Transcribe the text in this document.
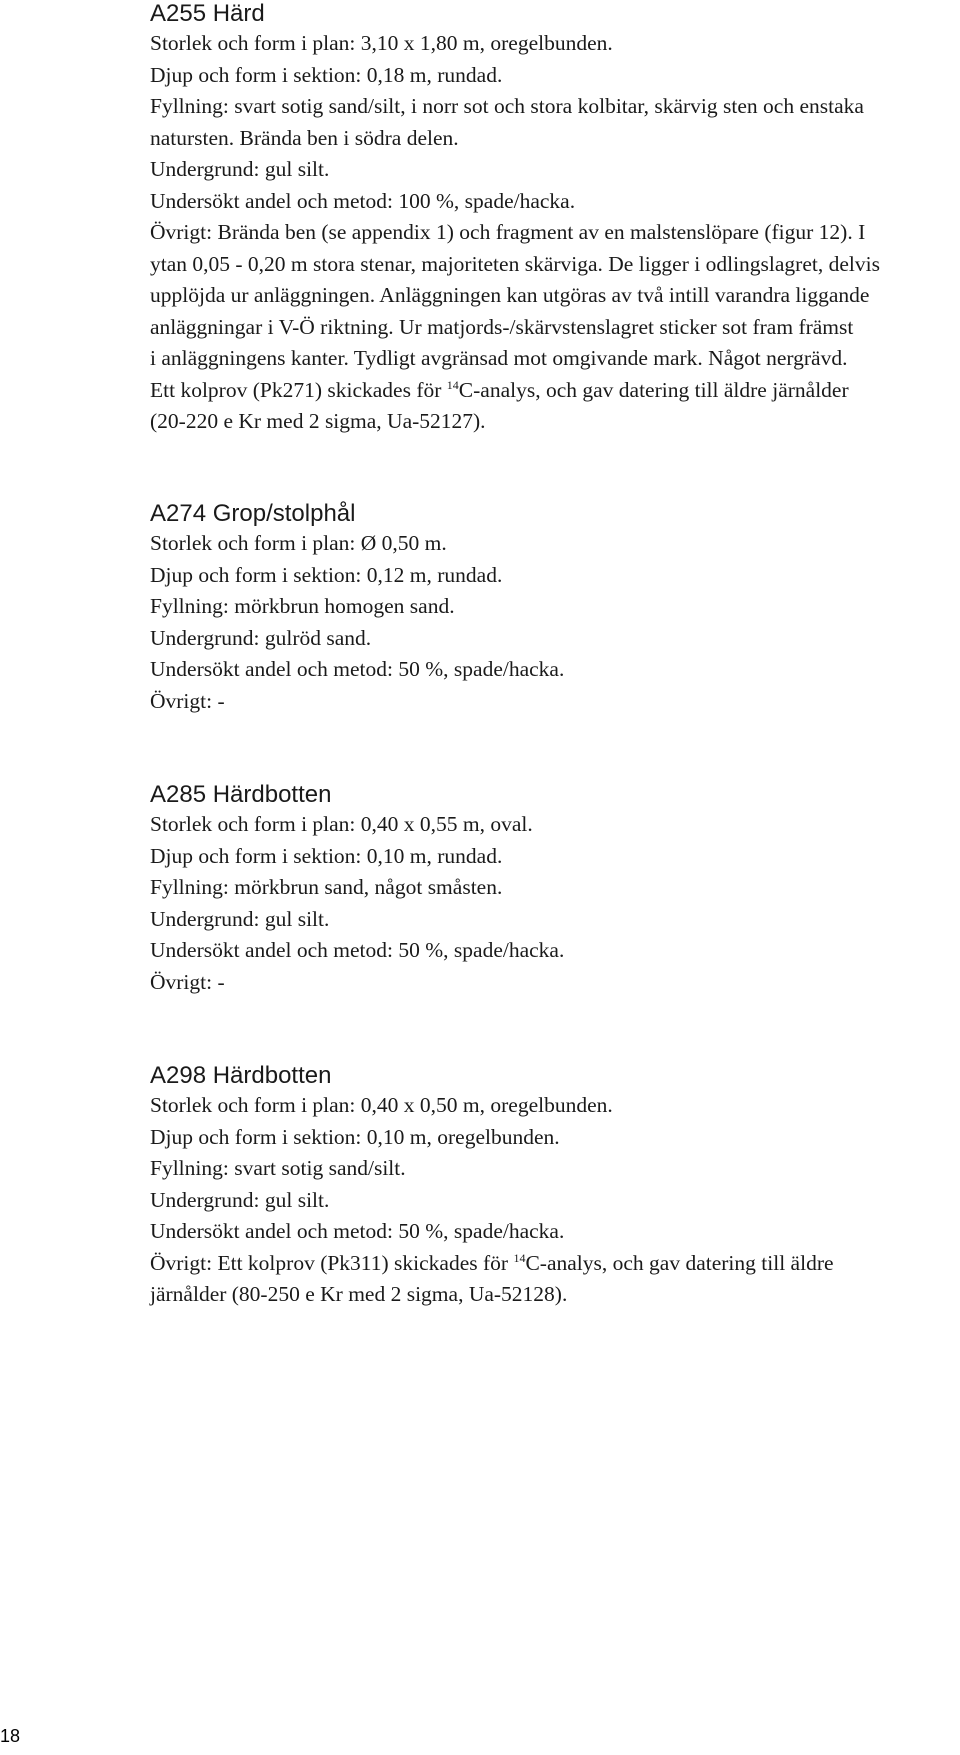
A255 Härd
Storlek och form i plan: 3,10 x 1,80 m, oregelbunden.
Djup och form i sektion: 0,18 m, rundad.
Fyllning: svart sotig sand/silt, i norr sot och stora kolbitar, skärvig sten och enstaka
natursten. Brända ben i södra delen.
Undergrund: gul silt.
Undersökt andel och metod: 100 %, spade/hacka.
Övrigt: Brända ben (se appendix 1) och fragment av en malstenslöpare (figur 12). I
ytan 0,05 - 0,20 m stora stenar, majoriteten skärviga. De ligger i odlingslagret, delvis
upplöjda ur anläggningen. Anläggningen kan utgöras av två intill varandra liggande
anläggningar i V-Ö riktning. Ur matjords-/skärvstenslagret sticker sot fram främst
i anläggningens kanter. Tydligt avgränsad mot omgivande mark. Något nergrävd.
Ett kolprov (Pk271) skickades för $^{14}$C-analys, och gav datering till äldre järnålder
(20-220 e Kr med 2 sigma, Ua-52127).
A274 Grop/stolphål
Storlek och form i plan: Ø 0,50 m.
Djup och form i sektion: 0,12 m, rundad.
Fyllning: mörkbrun homogen sand.
Undergrund: gulröd sand.
Undersökt andel och metod: 50 %, spade/hacka.
Övrigt: -
A285 Härdbotten
Storlek och form i plan: 0,40 x 0,55 m, oval.
Djup och form i sektion: 0,10 m, rundad.
Fyllning: mörkbrun sand, något småsten.
Undergrund: gul silt.
Undersökt andel och metod: 50 %, spade/hacka.
Övrigt: -
A298 Härdbotten
Storlek och form i plan: 0,40 x 0,50 m, oregelbunden.
Djup och form i sektion: 0,10 m, oregelbunden.
Fyllning: svart sotig sand/silt.
Undergrund: gul silt.
Undersökt andel och metod: 50 %, spade/hacka.
Övrigt: Ett kolprov (Pk311) skickades för $^{14}$C-analys, och gav datering till äldre
järnålder (80-250 e Kr med 2 sigma, Ua-52128).
18
